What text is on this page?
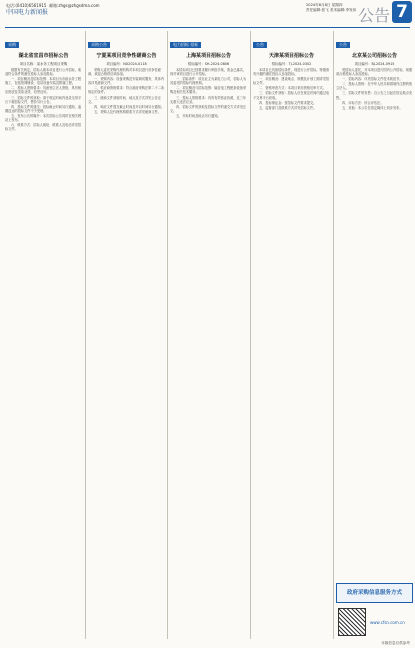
电话:(0410)6561915 邮箱:zhgs@zhgsdma.com
中国电力新闻报
2024年8月8日 星期四
责任编辑:张飞 美术编辑:李发伟 公告 7
采购
湖北省宜昌市招标公告
项目名称：某水务工程项目采购

根据有关规定，招标人就本项目进行公开招标，欢迎符合条件的潜在投标人参加投标。

一、项目概况及招标范围：本项目为市政水务工程施工，包括管网铺设、泵站设备安装及附属工程。

二、投标人资格要求：具备独立法人资格，具有相应资质及类似业绩，信誉良好。

三、招标文件的获取：请于规定时间内登录交易平台下载招标文件，售价另行公告。

四、投标文件的递交：投标截止时间另行通知，逾期送达的投标文件不予受理。

五、发布公告的媒介：本次招标公告同时在相关网站上发布。

六、联系方式：招标人地址、联系人及电话详见招标文件。

采购公告
宁夏某项目竞争性磋商公告
项目编号：NX2024-0118

采购人委托采购代理机构对本项目进行竞争性磋商，欢迎合格供应商参加。

一、采购内容：设备采购及安装调试服务，具体内容详见磋商文件。

二、供应商资格要求：符合政府采购法第二十二条规定的条件。

三、磋商文件获取时间、地点及方式详见公告正文。

四、响应文件提交截止时间及开启时间另行通知。

五、采购人及代理机构联系方式详见磋商文件。

电力招标 招标
上海某项目招标公告
招标编号：SH-2024-0806

本招标项目已按要求履行审批手续，资金已落实，现对该项目进行公开招标。

一、招标条件：项目业主为某电力公司，招标人为其委托的招标代理机构。

二、项目概况与招标范围：输变电工程配套设备采购及相关技术服务。

三、投标人资格要求：具有有效营业执照，近三年无重大违法记录。

四、招标文件的获取及投标文件的递交方式详见正文。

五、开标时间及地点另行通知。

公告
天津某项目招标公告
招标编号：TJ-2024-0302

本项目已具备招标条件，现进行公开招标，特邀请有兴趣的潜在投标人参加投标。

一、项目概况：建设地点、规模及计划工期详见招标文件。

二、资格审查方式：本项目采用资格后审方式。

三、招标文件获取：投标人应在规定时间内通过电子交易平台获取。

四、投标保证金：按招标文件要求提交。

五、监督部门及联系方式详见招标文件。

公告
北京某公司招标公告
项目编号：BJ-2024-0915

受招标人委托，对本项目进行国内公开招标，现邀请合格投标人参加投标。

一、招标内容：详见招标文件技术规范书。

二、投标人资格：在中华人民共和国境内注册的独立法人。

三、招标文件的发售：自公告之日起在指定地点发售。

四、评标方法：综合评估法。

五、其他：本公告在指定媒体上同步发布。

政府采购信息服务方式
www.cfsn.com.cn
本版信息仅供参考
